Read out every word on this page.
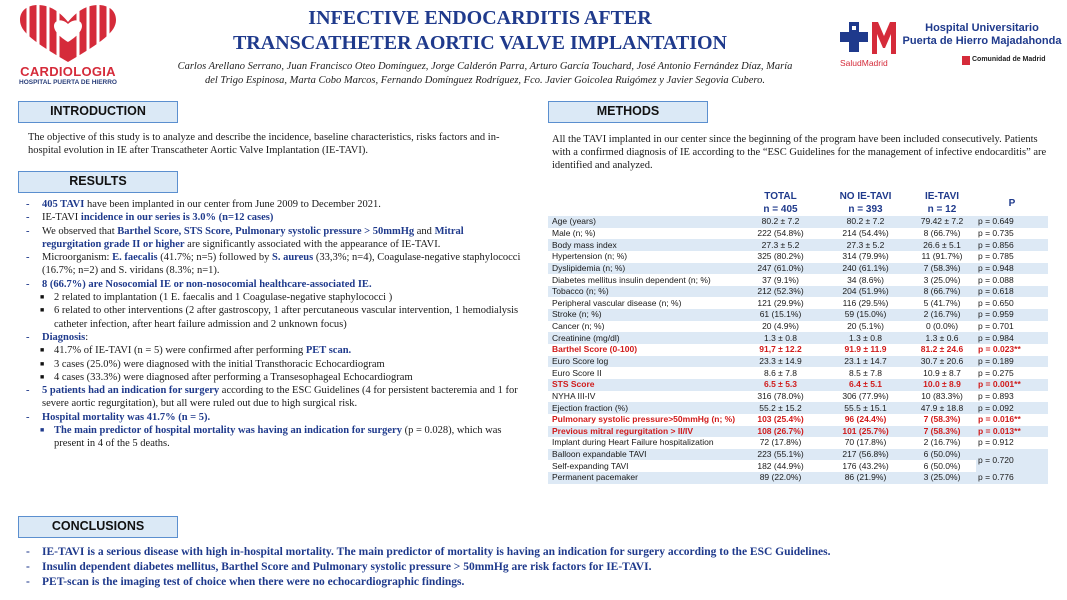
CARDIOLOGIA
HOSPITAL PUERTA DE HIERRO
INFECTIVE ENDOCARDITIS AFTER
TRANSCATHETER AORTIC VALVE IMPLANTATION
Carlos Arellano Serrano, Juan Francisco Oteo Domínguez, Jorge Calderón Parra, Arturo García Touchard, José Antonio Fernández Díaz, María
del Trigo Espinosa, Marta Cobo Marcos, Fernando Domínguez Rodríguez, Fco. Javier Goicolea Ruigómez y Javier Segovia Cubero.
SaludMadrid
Hospital Universitario
Puerta de Hierro Majadahonda
Comunidad de Madrid
INTRODUCTION
The objective of this study is to analyze and describe the incidence, baseline characteristics, risks factors and in-hospital evolution in IE after Transcatheter Aortic Valve Implantation (IE-TAVI).
METHODS
All the TAVI implanted in our center since the beginning of the program have been included consecutively. Patients with a confirmed diagnosis of IE according to the “ESC Guidelines for the management of infective endocarditis” are identified and analyzed.
RESULTS
- 405 TAVI have been implanted in our center from June 2009 to December 2021.
- IE-TAVI incidence in our series is 3.0% (n=12 cases)
- We observed that Barthel Score, STS Score, Pulmonary systolic pressure > 50mmHg and Mitral regurgitation grade II or higher are significantly associated with the appearance of IE-TAVI.
- Microorganism: E. faecalis (41.7%; n=5) followed by S. aureus (33,3%; n=4), Coagulase-negative staphylococci (16.7%; n=2) and S. viridans (8.3%; n=1).
- 8 (66.7%) are Nosocomial IE or non-nosocomial healthcare-associated IE.
■ 2 related to implantation (1 E. faecalis and 1 Coagulase-negative staphylococci )
■ 6 related to other interventions (2 after gastroscopy, 1 after percutaneous vascular intervention, 1 hemodialysis catheter infection, after heart failure admission and 2 unknown focus)
- Diagnosis:
■ 41.7% of IE-TAVI (n = 5) were confirmed after performing PET scan.
■ 3 cases (25.0%) were diagnosed with the initial Transthoracic Echocardiogram
■ 4 cases (33.3%) were diagnosed after performing a Transesophageal Echocardiogram
- 5 patients had an indication for surgery according to the ESC Guidelines (4 for persistent bacteremia and 1 for severe aortic regurgitation), but all were ruled out due to high surgical risk.
- Hospital mortality was 41.7% (n = 5).
■ The main predictor of hospital mortality was having an indication for surgery (p = 0.028), which was present in 4 of the 5 deaths.
	TOTAL
n = 405	NO IE-TAVI
n = 393	IE-TAVI
n = 12	P
Age (years)	80.2 ± 7.2	80.2 ± 7.2	79.42 ± 7.2	p = 0.649
Male (n; %)	222 (54.8%)	214 (54.4%)	8 (66.7%)	p = 0.735
Body mass index	27.3 ± 5.2	27.3 ± 5.2	26.6 ± 5.1	p = 0.856
Hypertension (n; %)	325 (80.2%)	314 (79.9%)	11 (91.7%)	p = 0.785
Dyslipidemia (n; %)	247 (61.0%)	240 (61.1%)	7 (58.3%)	p = 0.948
Diabetes mellitus insulin dependent (n; %)	37 (9.1%)	34 (8.6%)	3 (25.0%)	p = 0.088
Tobacco (n; %)	212 (52.3%)	204 (51.9%)	8 (66.7%)	p = 0.618
Peripheral vascular disease (n; %)	121 (29.9%)	116 (29.5%)	5 (41.7%)	p = 0.650
Stroke (n; %)	61 (15.1%)	59 (15.0%)	2 (16.7%)	p = 0.959
Cancer (n; %)	20 (4.9%)	20 (5.1%)	0 (0.0%)	p = 0.701
Creatinine (mg/dl)	1.3 ± 0.8	1.3 ± 0.8	1.3 ± 0.6	p = 0.984
Barthel Score (0-100)	91,7 ± 12.2	91.9 ± 11.9	81.2 ± 24.6	p = 0.023**
Euro Score log	23.3 ± 14.9	23.1 ± 14.7	30.7 ± 20.6	p = 0.189
Euro Score II	8.6 ± 7.8	8.5 ± 7.8	10.9 ± 8.7	p = 0.275
STS Score	6.5 ± 5.3	6.4 ± 5.1	10.0 ± 8.9	p = 0.001**
NYHA III-IV	316 (78.0%)	306 (77.9%)	10 (83.3%)	p = 0.893
Ejection fraction (%)	55.2 ± 15.2	55.5 ± 15.1	47.9 ± 18.8	p = 0.092
Pulmonary systolic pressure>50mmHg (n; %)	103 (25.4%)	96 (24.4%)	7 (58.3%)	p = 0.016**
Previous mitral regurgitation > II/IV	108 (26.7%)	101 (25.7%)	7 (58.3%)	p = 0.013**
Implant during Heart Failure hospitalization	72 (17.8%)	70 (17.8%)	2 (16.7%)	p = 0.912
Balloon expandable TAVI	223 (55.1%)	217 (56.8%)	6 (50.0%)	p = 0.720
Self-expanding TAVI	182 (44.9%)	176 (43.2%)	6 (50.0%)	
Permanent pacemaker	89 (22.0%)	86 (21.9%)	3 (25.0%)	p = 0.776
CONCLUSIONS
- IE-TAVI is a serious disease with high in-hospital mortality. The main predictor of mortality is having an indication for surgery according to the ESC Guidelines.
- Insulin dependent diabetes mellitus, Barthel Score and Pulmonary systolic pressure > 50mmHg are risk factors for IE-TAVI.
- PET-scan is the imaging test of choice when there were no echocardiographic findings.
